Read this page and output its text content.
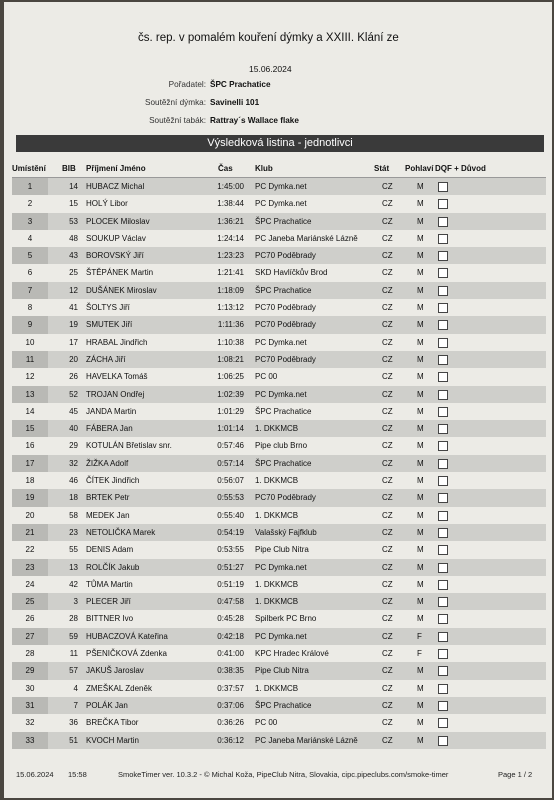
čs. rep. v pomalém kouření dýmky a XXIII. Klání ze
15.06.2024
Pořadatel: ŠPC Prachatice
Soutěžní dýmka: Savinelli 101
Soutěžní tabák: Rattray´s Wallace flake
Výsledková listina - jednotlivci
Umístění BIB Příjmení Jméno	Čas	Klub	Stát Pohlaví DQF + Důvod
1	14 HUBACZ Michal	1:45:00 PC Dymka.net	CZ	M
2	15 HOLÝ Libor	1:38:44 PC Dymka.net	CZ	M
3	53 PLOCEK Miloslav	1:36:21 ŠPC Prachatice	CZ	M
4	48 SOUKUP Václav	1:24:14 PC Janeba Mariánské Lázně	CZ	M
5	43 BOROVSKÝ Jiří	1:23:23 PC70 Poděbrady	CZ	M
6	25 ŠTĚPÁNEK Martin	1:21:41 SKD Havlíčkův Brod	CZ	M
7	12 DUŠÁNEK Miroslav	1:18:09 ŠPC Prachatice	CZ	M
8	41 ŠOLTYS Jiří	1:13:12 PC70 Poděbrady	CZ	M
9	19 SMUTEK Jiří	1:11:36 PC70 Poděbrady	CZ	M
10	17 HRABAL Jindřich	1:10:38 PC Dymka.net	CZ	M
11	20 ZÁCHA Jiří	1:08:21 PC70 Poděbrady	CZ	M
12	26 HAVELKA Tomáš	1:06:25 PC 00	CZ	M
13	52 TROJAN Ondřej	1:02:39 PC Dymka.net	CZ	M
14	45 JANDA Martin	1:01:29 ŠPC Prachatice	CZ	M
15	40 FÁBERA Jan	1:01:14 1. DKKMCB	CZ	M
16	29 KOTULÁN Břetislav snr.	0:57:46 Pipe club Brno	CZ	M
17	32 ŽIŽKA Adolf	0:57:14 ŠPC Prachatice	CZ	M
18	46 ČÍTEK Jindřich	0:56:07 1. DKKMCB	CZ	M
19	18 BRTEK Petr	0:55:53 PC70 Poděbrady	CZ	M
20	58 MEDEK Jan	0:55:40 1. DKKMCB	CZ	M
21	23 NETOLIČKA Marek	0:54:19 Valašský Fajfklub	CZ	M
22	55 DENIS Adam	0:53:55 Pipe Club Nitra	CZ	M
23	13 ROLČÍK Jakub	0:51:27 PC Dymka.net	CZ	M
24	42 TŮMA Martin	0:51:19 1. DKKMCB	CZ	M
25	3 PLECER Jiří	0:47:58 1. DKKMCB	CZ	M
26	28 BITTNER Ivo	0:45:28 Spilberk PC Brno	CZ	M
27	59 HUBACZOVÁ Kateřina	0:42:18 PC Dymka.net	CZ	F
28	11 PŠENIČKOVÁ Zdenka	0:41:00 KPC Hradec Králové	CZ	F
29	57 JAKUŠ Jaroslav	0:38:35 Pipe Club Nitra	CZ	M
30	4 ZMEŠKAL Zdeněk	0:37:57 1. DKKMCB	CZ	M
31	7 POLÁK Jan	0:37:06 ŠPC Prachatice	CZ	M
32	36 BREČKA Tibor	0:36:26 PC 00	CZ	M
33	51 KVOCH Martin	0:36:12 PC Janeba Mariánské Lázně	CZ	M
15.06.2024 15:58	SmokeTimer ver. 10.3.2 - © Michal Koža, PipeClub Nitra, Slovakia, cipc.pipeclubs.com/smoke-timer	Page 1 / 2
